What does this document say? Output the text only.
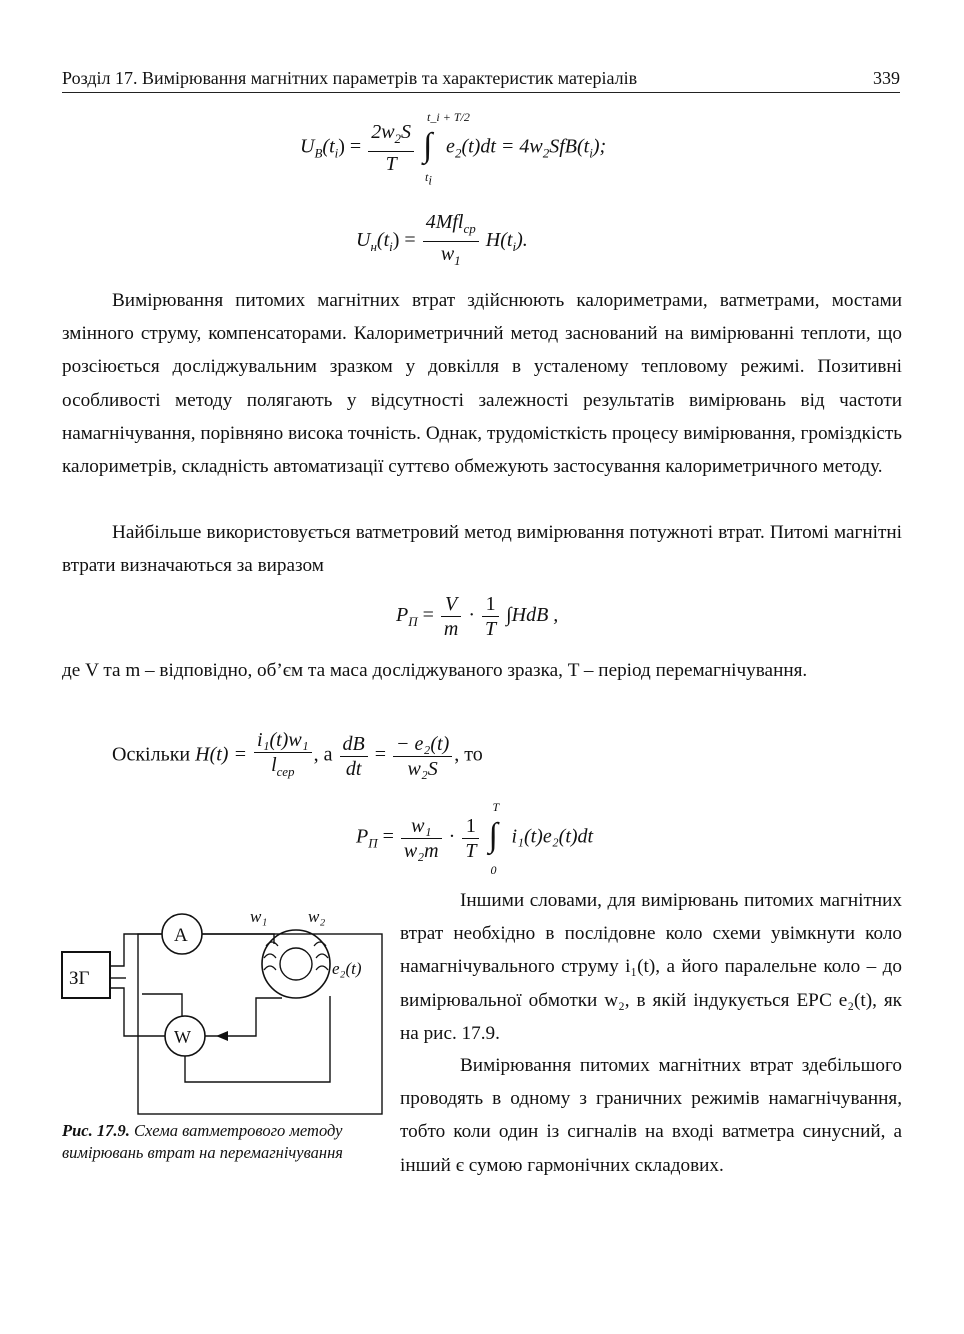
Розділ 17. Вимірювання магнітних параметрів та характеристик матеріалів	339
$U_B(t_i) = \frac{2w_2S}{T}$
∫
t_i + T/2
$t_i$
$e_2(t)dt = 4w_2SfB(t_i)$;
$U_н(t_i) = \frac{4Mfl_{ср}}{w_1} H(t_i)$.

Вимірювання питомих магнітних втрат здійснюють калориметрами, ватметрами, мостами змінного струму, компенсаторами. Калориметричний метод заснований на вимірюванні теплоти, що розсіюється досліджувальним зразком у довкілля в усталеному тепловому режимі. Позитивні особливості методу полягають у відсутності залежності результатів вимірювань від частоти намагнічування, порівняно висока точність. Однак, трудомісткість процесу вимірювання, громіздкість калориметрів, складність автоматизації суттєво обмежують застосування калориметричного методу.

Найбільше використовується ватметровий метод вимірювання потужноті втрат. Питомі магнітні втрати визначаються за виразом

$P_П = \frac{V}{m} \cdot \frac{1}{T} \int HdB$ ,

де V та m – відповідно, об’єм та маса досліджуваного зразка, T – період перемагнічування.

Оскільки $H(t) = \frac{\text{i₁(t)w₁}}{l_{сер}}$ , а $\frac{dB}{dt} = \frac{\text{− e₂(t)}}{\text{w₂S}}$ , то
$P_П = \frac{\text{w₁}}{\text{w₂m}} \cdot \frac{1}{T}$
∫
T
0
i₁(t)e₂(t)dt
ЗГ
A
W
w₁ w₂
e₂(t)

Рис. 17.9. Схема ватметрового методу вимірювань втрат на перемагнічування

Іншими словами, для вимірювань питомих магнітних втрат необхідно в послідовне коло схеми увімкнути коло намагнічувального струму i₁(t), а його паралельне коло – до вимірювальної обмотки w₂, в якій індукується ЕРС e₂(t), як на рис. 17.9.

Вимірювання питомих магнітних втрат здебільшого проводять в одному з граничних режимів намагнічування, тобто коли один із сигналів на вході ватметра синусний, а інший є сумою гармонічних складових.
